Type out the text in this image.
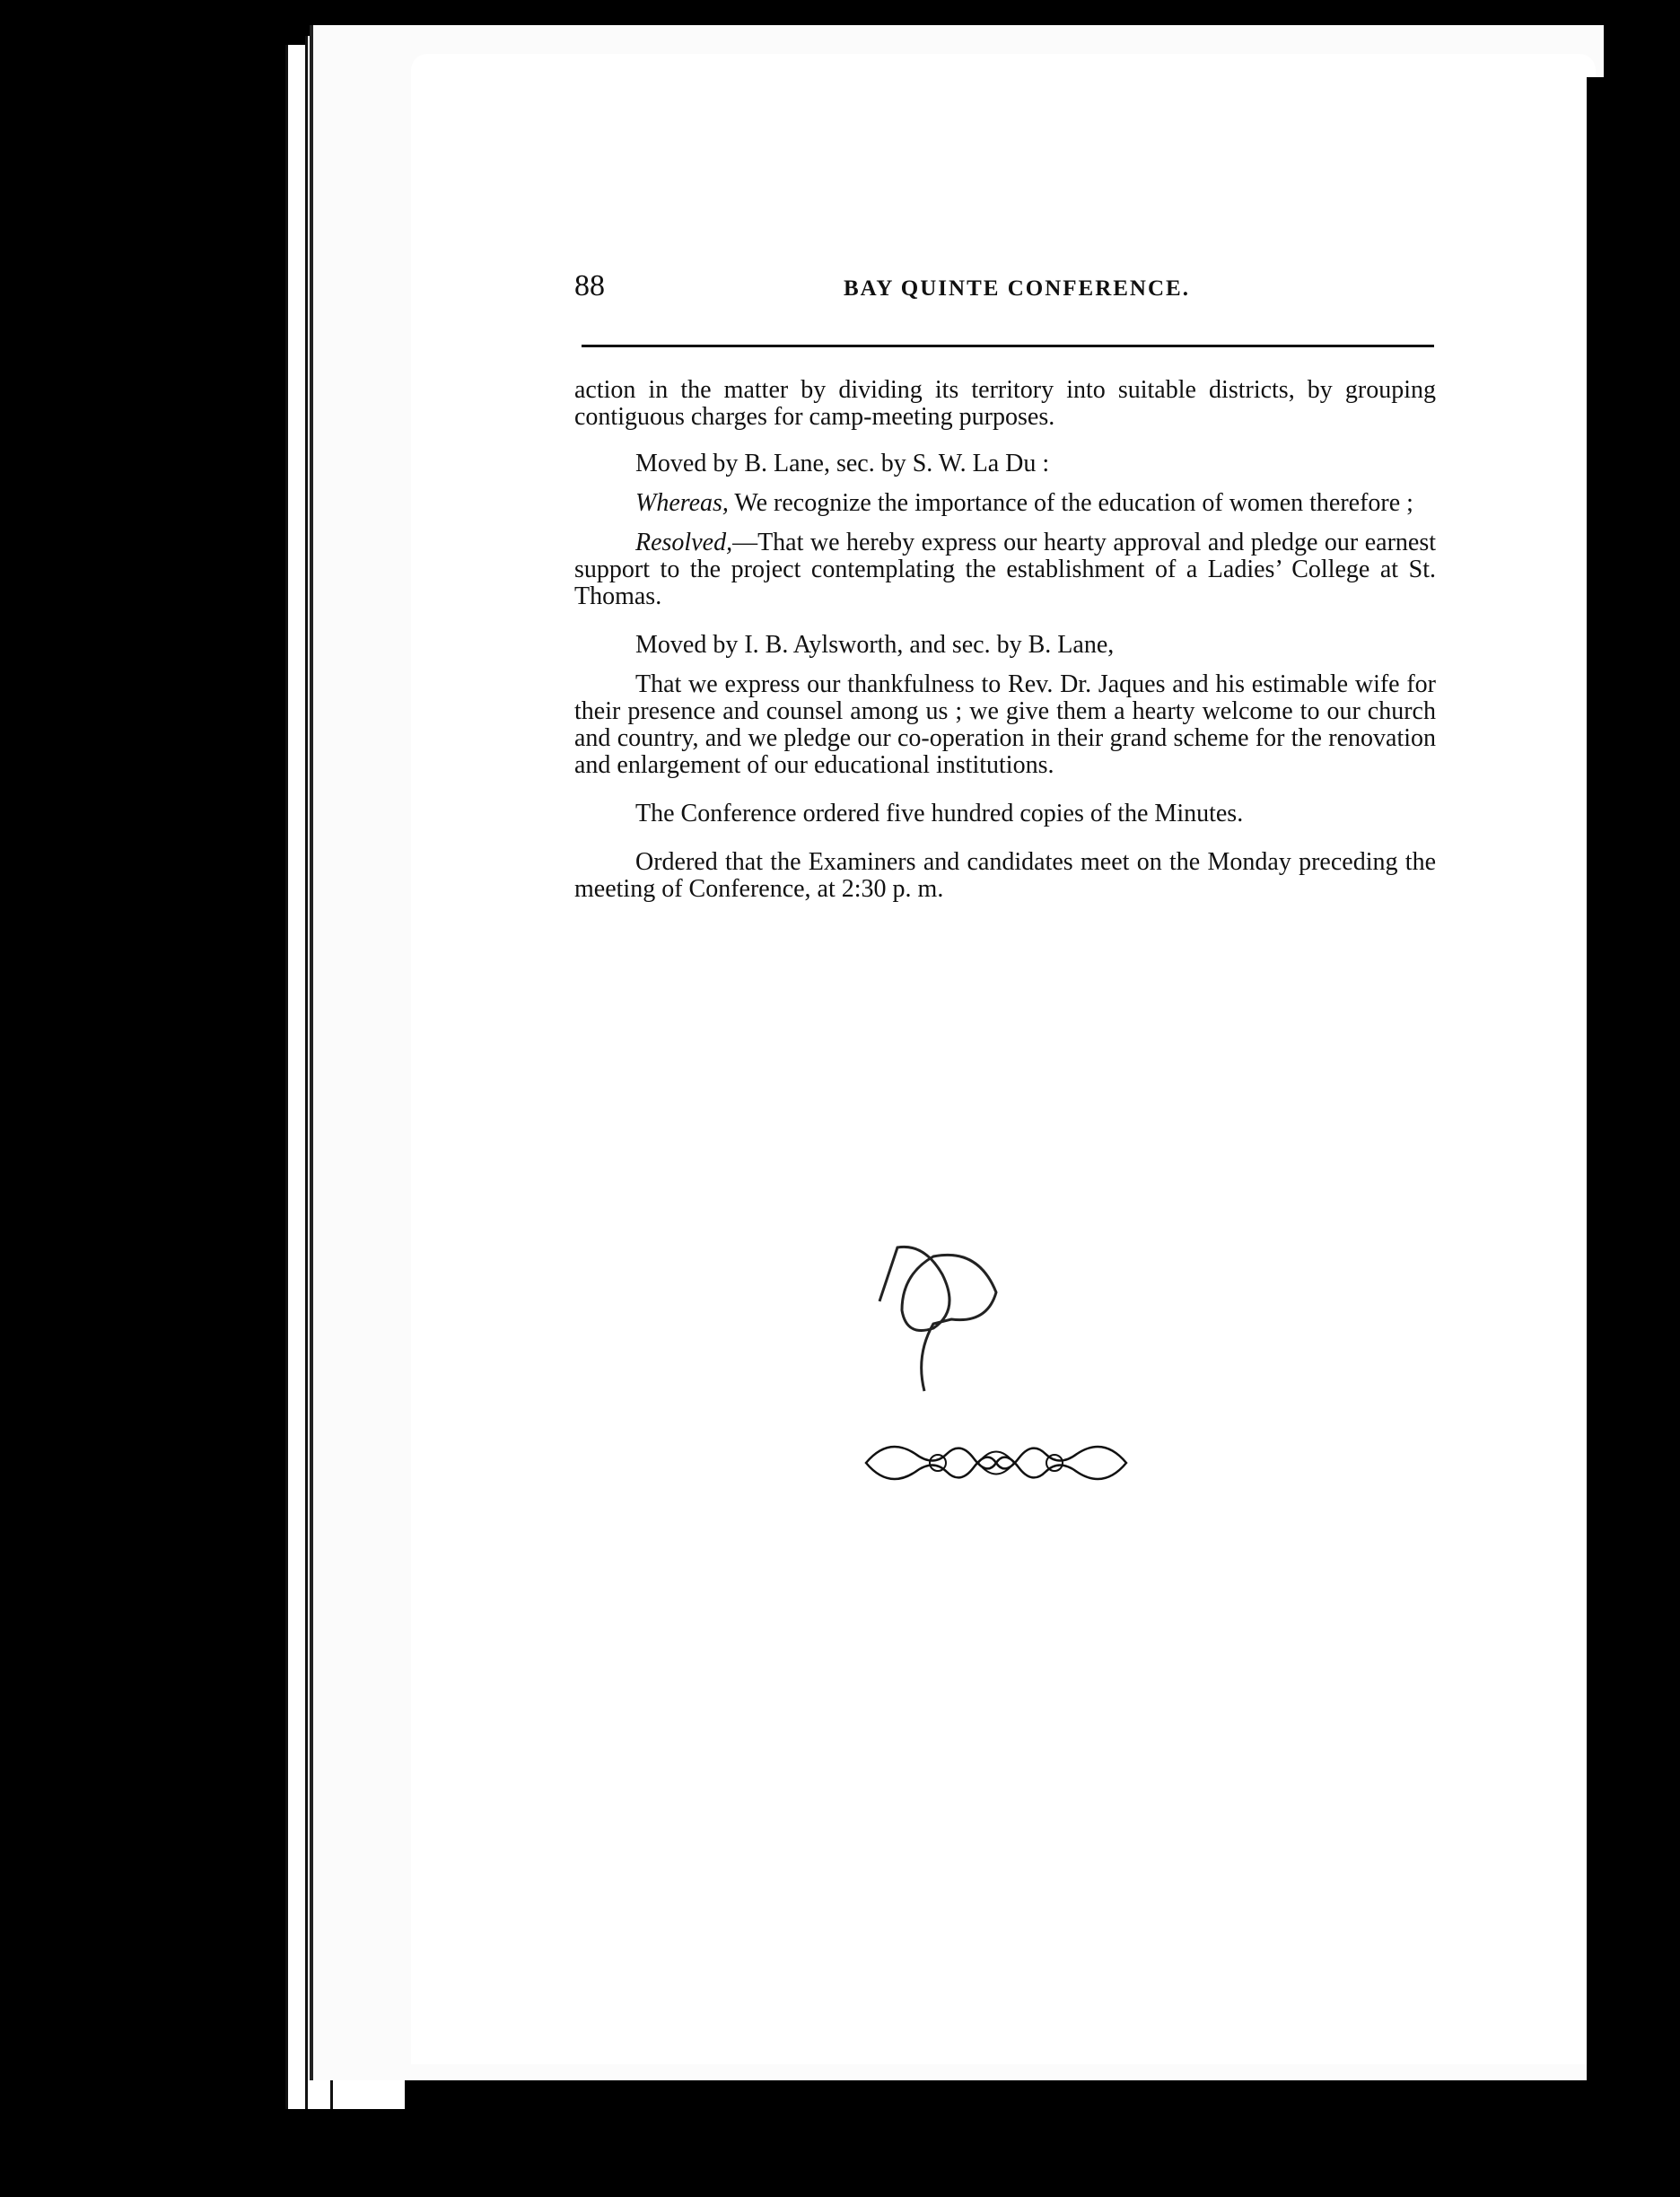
88	BAY QUINTE CONFERENCE.

action in the matter by dividing its territory into suitable districts, by grouping contiguous charges for camp-meeting purposes.

Moved by B. Lane, sec. by S. W. La Du :

Whereas, We recognize the importance of the education of women therefore ;

Resolved,—That we hereby express our hearty approval and pledge our earnest support to the project contemplating the establishment of a Ladies’ College at St. Thomas.

Moved by I. B. Aylsworth, and sec. by B. Lane,

That we express our thankfulness to Rev. Dr. Jaques and his estimable wife for their presence and counsel among us ; we give them a hearty welcome to our church and country, and we pledge our co-operation in their grand scheme for the renovation and enlargement of our educational institutions.

The Conference ordered five hundred copies of the Minutes.

Ordered that the Examiners and candidates meet on the Monday preceding the meeting of Conference, at 2:30 p. m.
